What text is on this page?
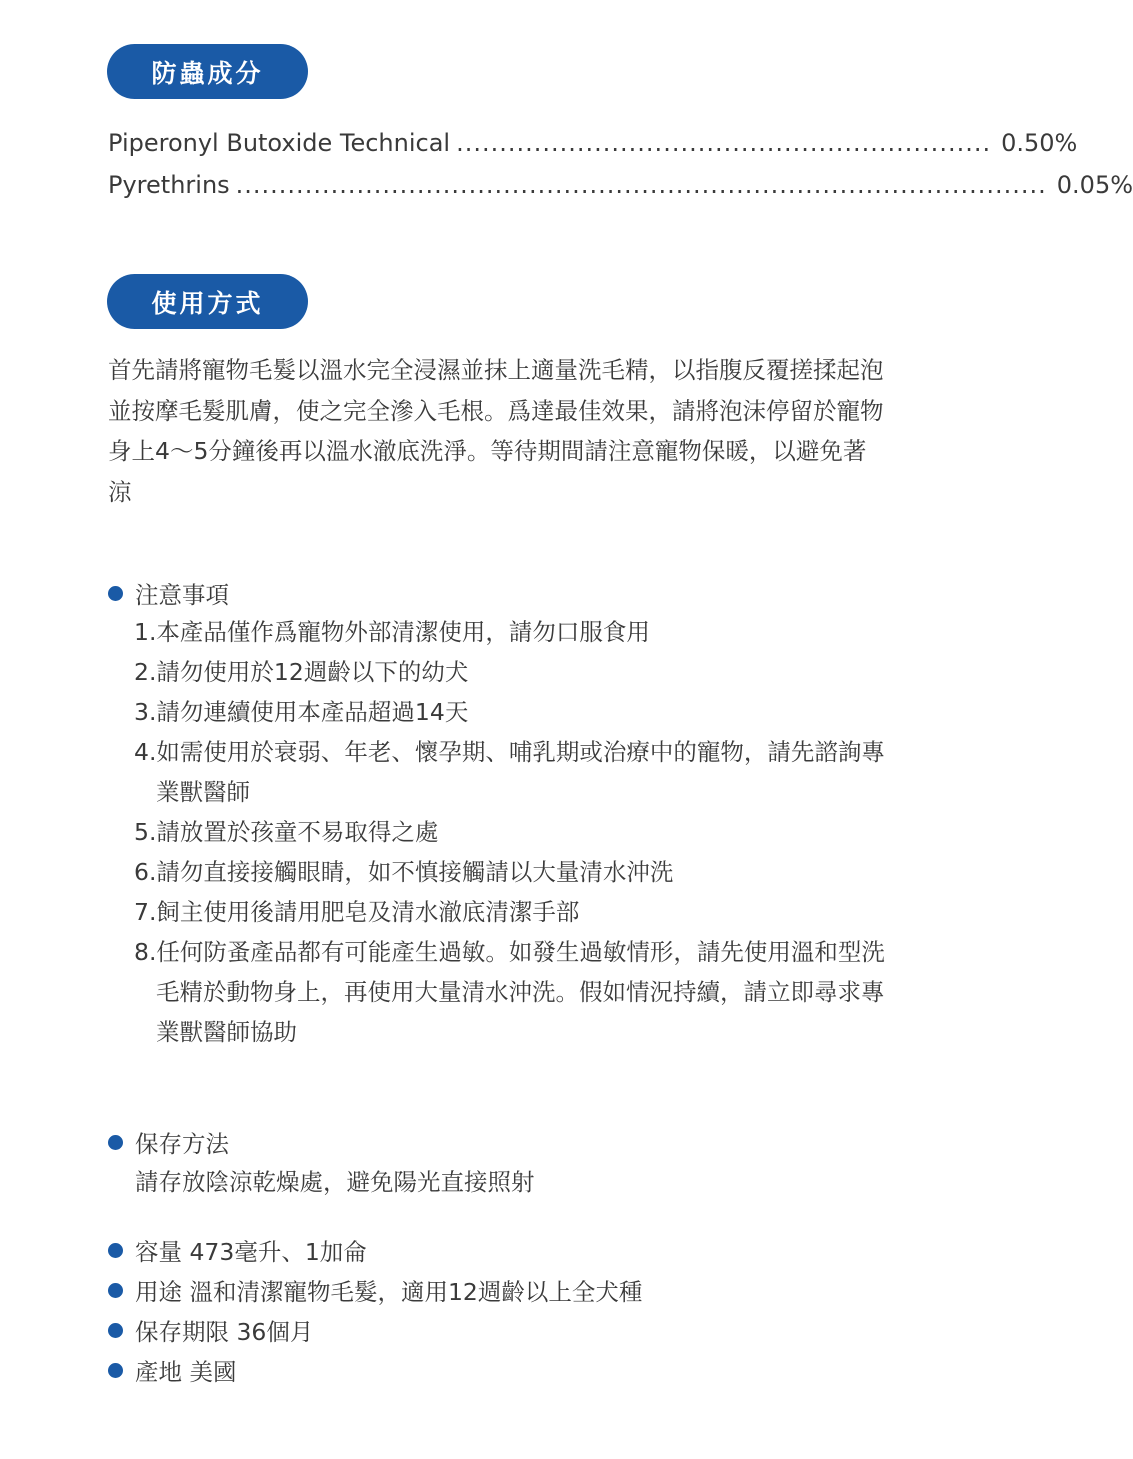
防蟲成分
Piperonyl Butoxide Technical .............................................................. 0.50%
Pyrethrins .............................................................................................. 0.05%
使用方式

首先請將寵物毛髮以溫水完全浸濕並抹上適量洗毛精，以指腹反覆搓揉起泡並按摩毛髮肌膚，使之完全滲入毛根。爲達最佳效果，請將泡沫停留於寵物身上4～5分鐘後再以溫水澈底洗淨。等待期間請注意寵物保暖，以避免著涼

注意事項
1.本產品僅作爲寵物外部清潔使用，請勿口服食用
2.請勿使用於12週齡以下的幼犬
3.請勿連續使用本產品超過14天
4.如需使用於衰弱、年老、懷孕期、哺乳期或治療中的寵物，請先諮詢專業獸醫師
5.請放置於孩童不易取得之處
6.請勿直接接觸眼睛，如不慎接觸請以大量清水沖洗
7.飼主使用後請用肥皂及清水澈底清潔手部
8.任何防蚤產品都有可能產生過敏。如發生過敏情形，請先使用溫和型洗毛精於動物身上，再使用大量清水沖洗。假如情況持續，請立即尋求專業獸醫師協助
保存方法
請存放陰涼乾燥處，避免陽光直接照射
容量 473毫升、1加侖
用途 溫和清潔寵物毛髮，適用12週齡以上全犬種
保存期限 36個月
產地 美國
